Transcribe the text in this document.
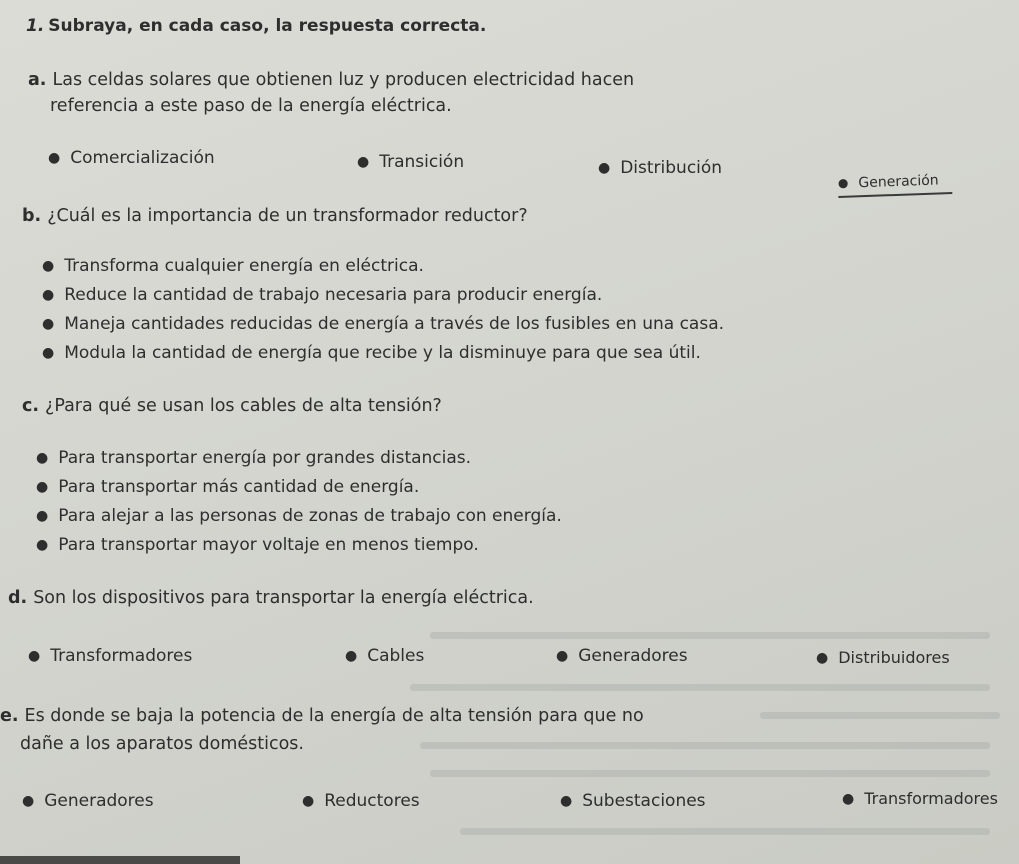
1. Subraya, en cada caso, la respuesta correcta.
a. Las celdas solares que obtienen luz y producen electricidad hacen
referencia a este paso de la energía eléctrica.
● Comercialización	● Transición	● Distribución
● Generación
b. ¿Cuál es la importancia de un transformador reductor?
● Transforma cualquier energía en eléctrica.
● Reduce la cantidad de trabajo necesaria para producir energía.
● Maneja cantidades reducidas de energía a través de los fusibles en una casa.
● Modula la cantidad de energía que recibe y la disminuye para que sea útil.
c. ¿Para qué se usan los cables de alta tensión?
● Para transportar energía por grandes distancias.
● Para transportar más cantidad de energía.
● Para alejar a las personas de zonas de trabajo con energía.
● Para transportar mayor voltaje en menos tiempo.
d. Son los dispositivos para transportar la energía eléctrica.
● Transformadores	● Cables	● Generadores	● Distribuidores
e. Es donde se baja la potencia de la energía de alta tensión para que no
dañe a los aparatos domésticos.
● Generadores	● Reductores	● Subestaciones	● Transformadores
